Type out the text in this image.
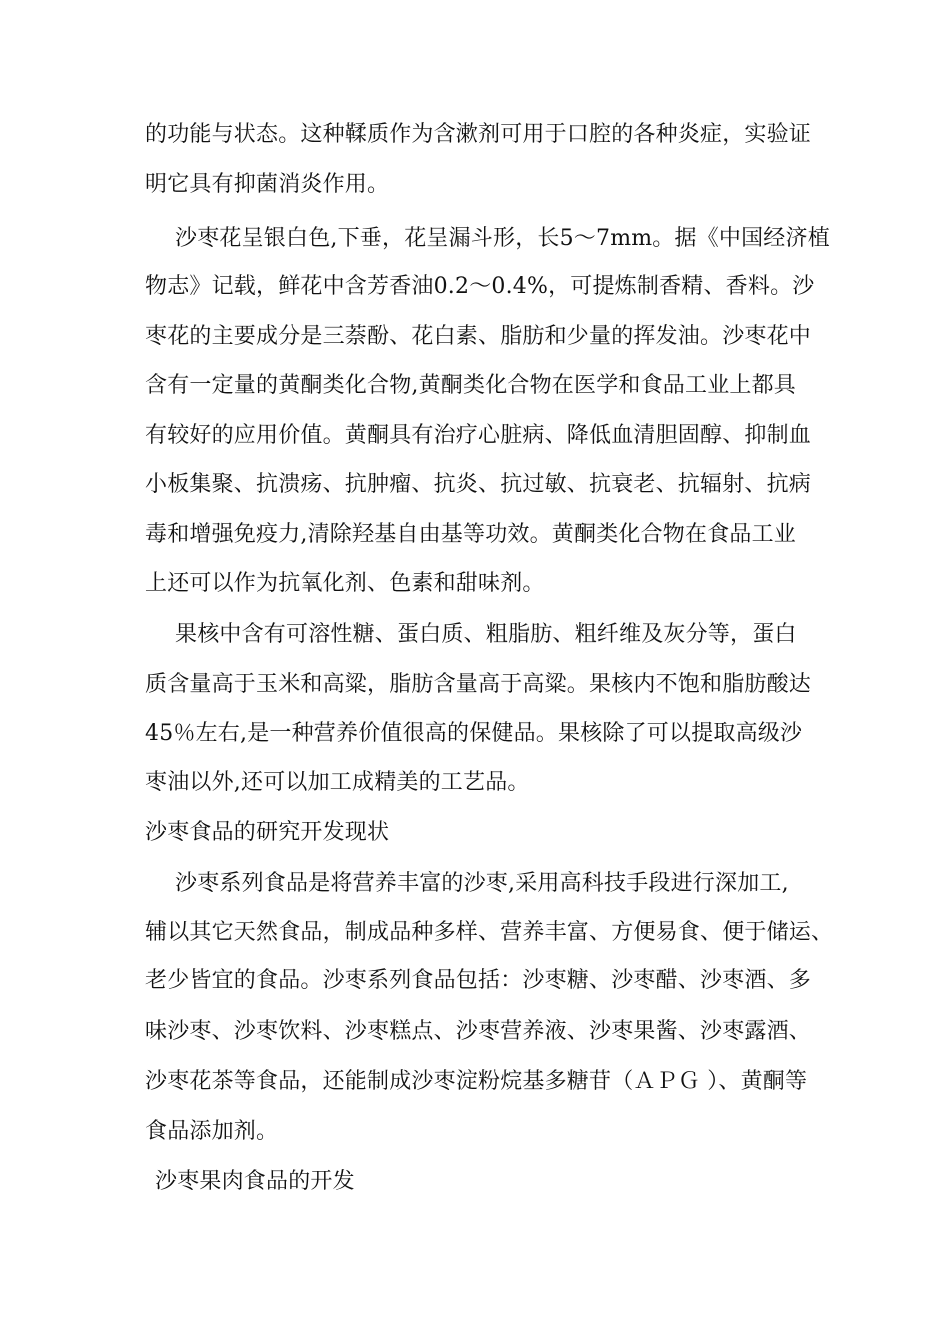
的功能与状态。这种鞣质作为含漱剂可用于口腔的各种炎症，实验证
明它具有抑菌消炎作用。
沙枣花呈银白色,下垂，花呈漏斗形，长5～7mm。据《中国经济植
物志》记载，鲜花中含芳香油0.2～0.4%，可提炼制香精、香料。沙
枣花的主要成分是三萘酚、花白素、脂肪和少量的挥发油。沙枣花中
含有一定量的黄酮类化合物,黄酮类化合物在医学和食品工业上都具
有较好的应用价值。黄酮具有治疗心脏病、降低血清胆固醇、抑制血
小板集聚、抗溃疡、抗肿瘤、抗炎、抗过敏、抗衰老、抗辐射、抗病
毒和增强免疫力,清除羟基自由基等功效。黄酮类化合物在食品工业
上还可以作为抗氧化剂、色素和甜味剂。
果核中含有可溶性糖、蛋白质、粗脂肪、粗纤维及灰分等，蛋白
质含量高于玉米和高粱，脂肪含量高于高粱。果核内不饱和脂肪酸达
45％左右,是一种营养价值很高的保健品。果核除了可以提取高级沙
枣油以外,还可以加工成精美的工艺品。
沙枣食品的研究开发现状
沙枣系列食品是将营养丰富的沙枣,采用高科技手段进行深加工,
辅以其它天然食品，制成品种多样、营养丰富、方便易食、便于储运、
老少皆宜的食品。沙枣系列食品包括：沙枣糖、沙枣醋、沙枣酒、多
味沙枣、沙枣饮料、沙枣糕点、沙枣营养液、沙枣果酱、沙枣露酒、
沙枣花茶等食品，还能制成沙枣淀粉烷基多糖苷（ＡＰＧ ）、黄酮等
食品添加剂。
沙枣果肉食品的开发
